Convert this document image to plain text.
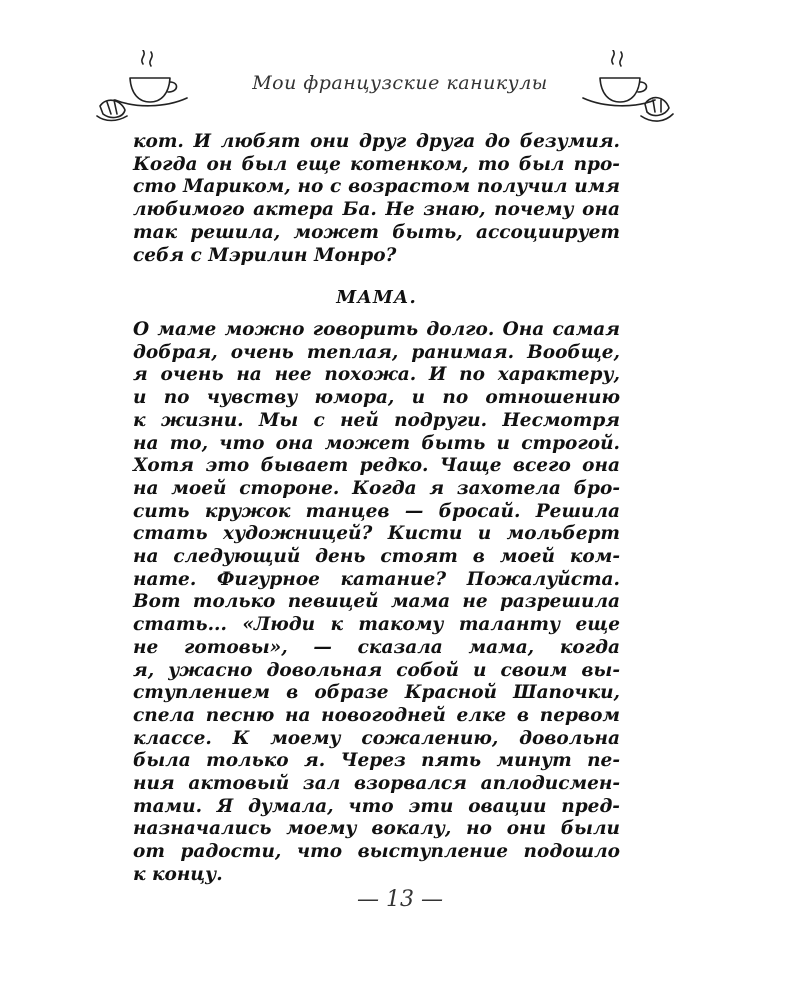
Мои французские каникулы
кот. И любят они друг друга до безумия.
Когда он был еще котенком, то был про-
сто Мариком, но с возрастом получил имя
любимого актера Ба. Не знаю, почему она
так решила, может быть, ассоциирует
себя с Мэрилин Монро?
МАМА.
О маме можно говорить долго. Она самая
добрая, очень теплая, ранимая. Вообще,
я очень на нее похожа. И по характеру,
и по чувству юмора, и по отношению
к жизни. Мы с ней подруги. Несмотря
на то, что она может быть и строгой.
Хотя это бывает редко. Чаще всего она
на моей стороне. Когда я захотела бро-
сить кружок танцев — бросай. Решила
стать художницей? Кисти и мольберт
на следующий день стоят в моей ком-
нате. Фигурное катание? Пожалуйста.
Вот только певицей мама не разрешила
стать... «Люди к такому таланту еще
не готовы», — сказала мама, когда
я, ужасно довольная собой и своим вы-
ступлением в образе Красной Шапочки,
спела песню на новогодней елке в первом
классе. К моему сожалению, довольна
была только я. Через пять минут пе-
ния актовый зал взорвался аплодисмен-
тами. Я думала, что эти овации пред-
назначались моему вокалу, но они были
от радости, что выступление подошло
к концу.
— 13 —
